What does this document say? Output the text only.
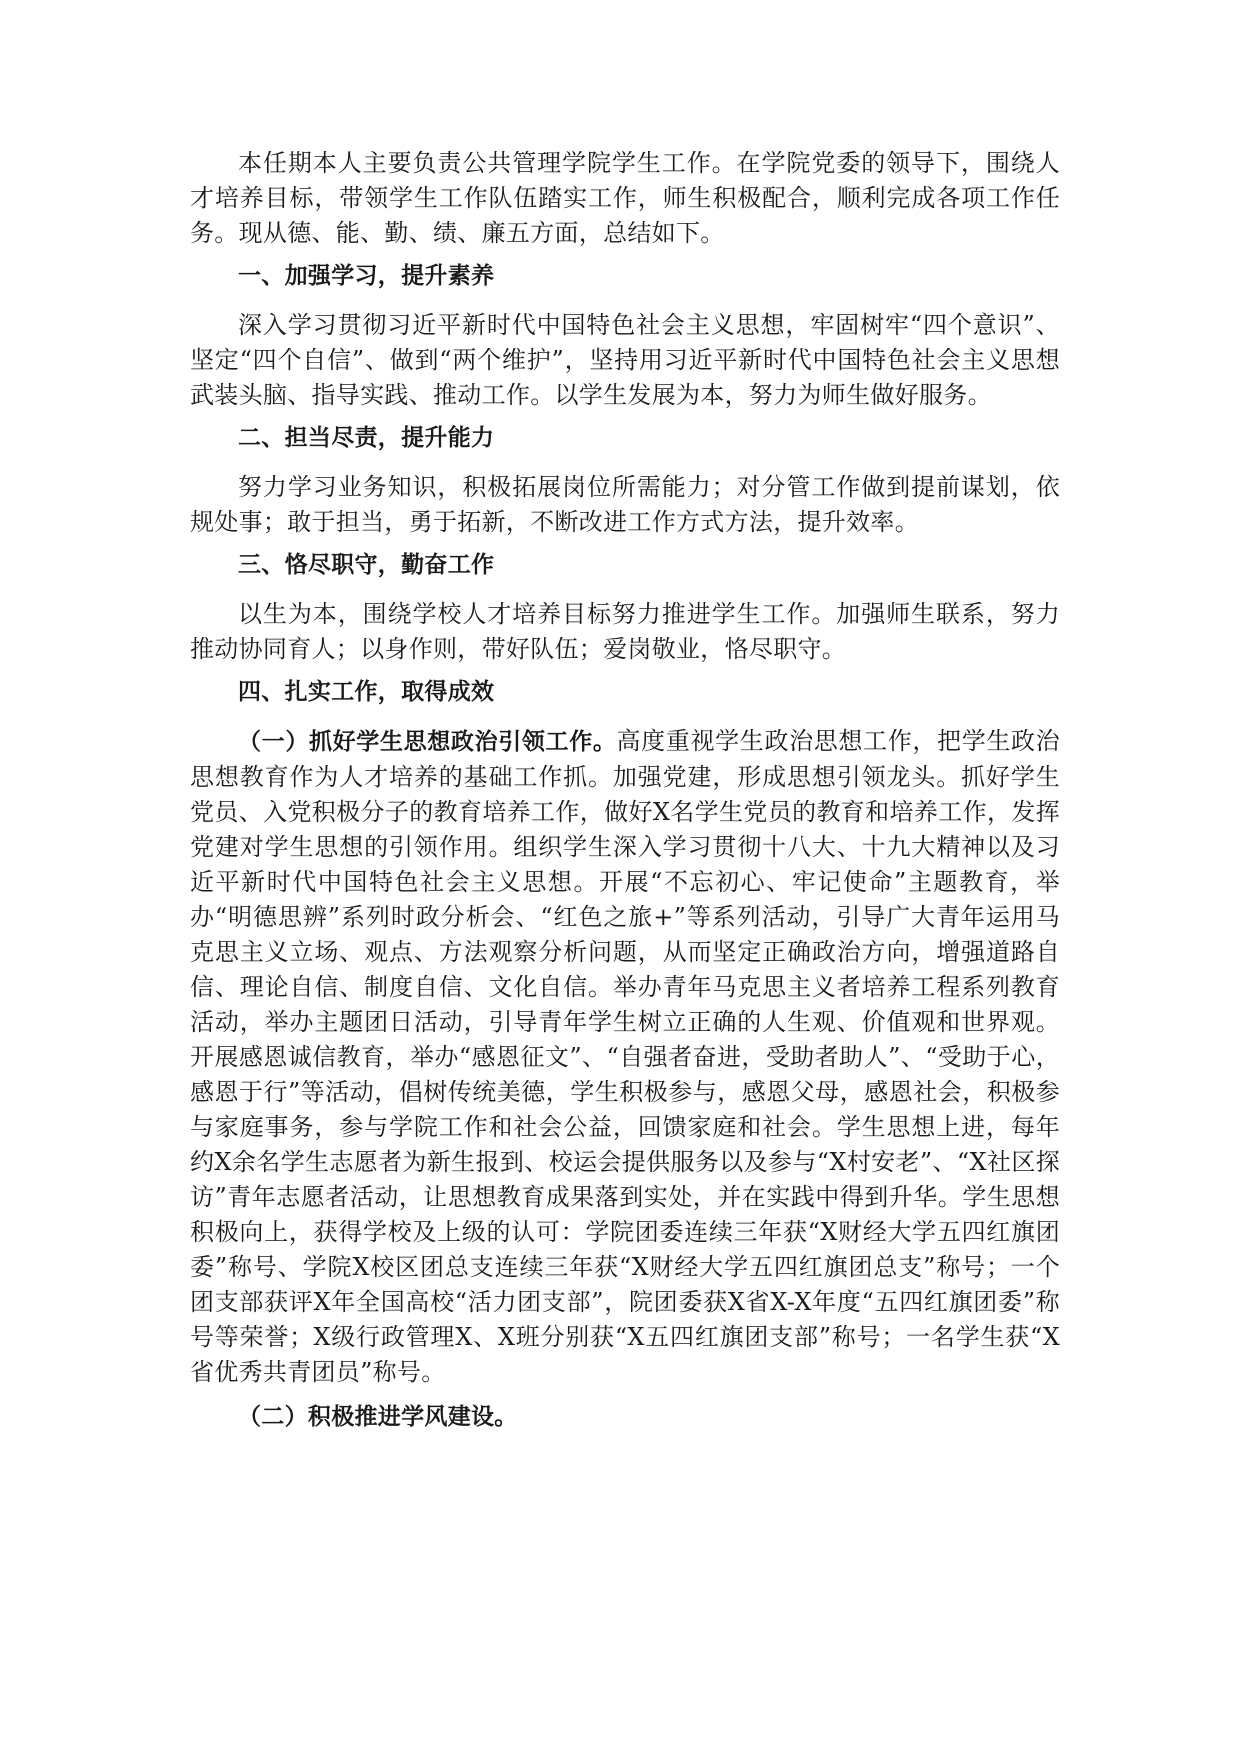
本任期本人主要负责公共管理学院学生工作。在学院党委的领导下，围绕人才培养目标，带领学生工作队伍踏实工作，师生积极配合，顺利完成各项工作任务。现从德、能、勤、绩、廉五方面，总结如下。

一、加强学习，提升素养

深入学习贯彻习近平新时代中国特色社会主义思想，牢固树牢“四个意识”、坚定“四个自信”、做到“两个维护”，坚持用习近平新时代中国特色社会主义思想武装头脑、指导实践、推动工作。以学生发展为本，努力为师生做好服务。

二、担当尽责，提升能力

努力学习业务知识，积极拓展岗位所需能力；对分管工作做到提前谋划，依规处事；敢于担当，勇于拓新，不断改进工作方式方法，提升效率。

三、恪尽职守，勤奋工作

以生为本，围绕学校人才培养目标努力推进学生工作。加强师生联系，努力推动协同育人；以身作则，带好队伍；爱岗敬业，恪尽职守。

四、扎实工作，取得成效

（一）抓好学生思想政治引领工作。高度重视学生政治思想工作，把学生政治思想教育作为人才培养的基础工作抓。加强党建，形成思想引领龙头。抓好学生党员、入党积极分子的教育培养工作，做好X名学生党员的教育和培养工作，发挥党建对学生思想的引领作用。组织学生深入学习贯彻十八大、十九大精神以及习近平新时代中国特色社会主义思想。开展“不忘初心、牢记使命”主题教育，举办“明德思辨”系列时政分析会、“红色之旅+”等系列活动，引导广大青年运用马克思主义立场、观点、方法观察分析问题，从而坚定正确政治方向，增强道路自信、理论自信、制度自信、文化自信。举办青年马克思主义者培养工程系列教育活动，举办主题团日活动，引导青年学生树立正确的人生观、价值观和世界观。开展感恩诚信教育，举办“感恩征文”、“自强者奋进，受助者助人”、“受助于心，感恩于行”等活动，倡树传统美德，学生积极参与，感恩父母，感恩社会，积极参与家庭事务，参与学院工作和社会公益，回馈家庭和社会。学生思想上进，每年约X余名学生志愿者为新生报到、校运会提供服务以及参与“X村安老”、“X社区探访”青年志愿者活动，让思想教育成果落到实处，并在实践中得到升华。学生思想积极向上，获得学校及上级的认可：学院团委连续三年获“X财经大学五四红旗团委”称号、学院X校区团总支连续三年获“X财经大学五四红旗团总支”称号；一个团支部获评X年全国高校“活力团支部”，院团委获X省X-X年度“五四红旗团委”称号等荣誉；X级行政管理X、X班分别获“X五四红旗团支部”称号；一名学生获“X省优秀共青团员”称号。

（二）积极推进学风建设。
